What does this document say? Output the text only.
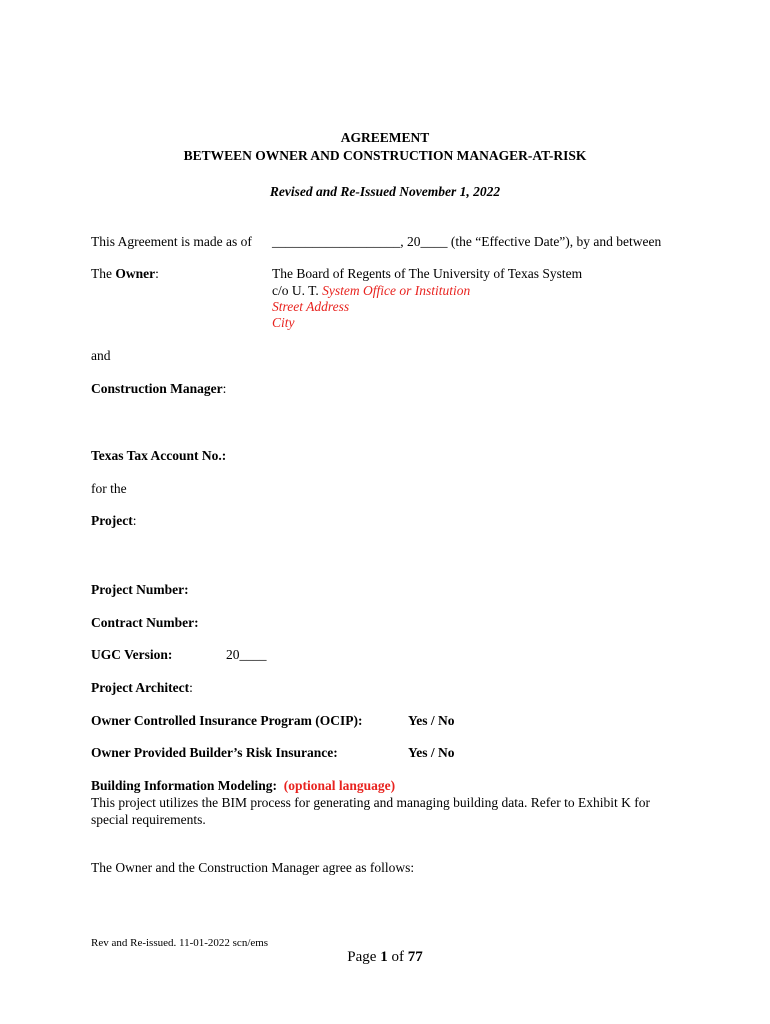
AGREEMENT
BETWEEN OWNER AND CONSTRUCTION MANAGER-AT-RISK
Revised and Re-Issued November 1, 2022
This Agreement is made as of ___________________, 20____ (the “Effective Date”), by and between
The Owner:	The Board of Regents of The University of Texas System
c/o U. T. System Office or Institution
Street Address
City
and
Construction Manager:
Texas Tax Account No.:
for the
Project:
Project Number:
Contract Number:
UGC Version:	20____
Project Architect:
Owner Controlled Insurance Program (OCIP):	Yes / No
Owner Provided Builder’s Risk Insurance:	Yes / No
Building Information Modeling: (optional language)
This project utilizes the BIM process for generating and managing building data. Refer to Exhibit K for special requirements.
The Owner and the Construction Manager agree as follows:
Rev and Re-issued. 11-01-2022 scn/ems
Page 1 of 77
